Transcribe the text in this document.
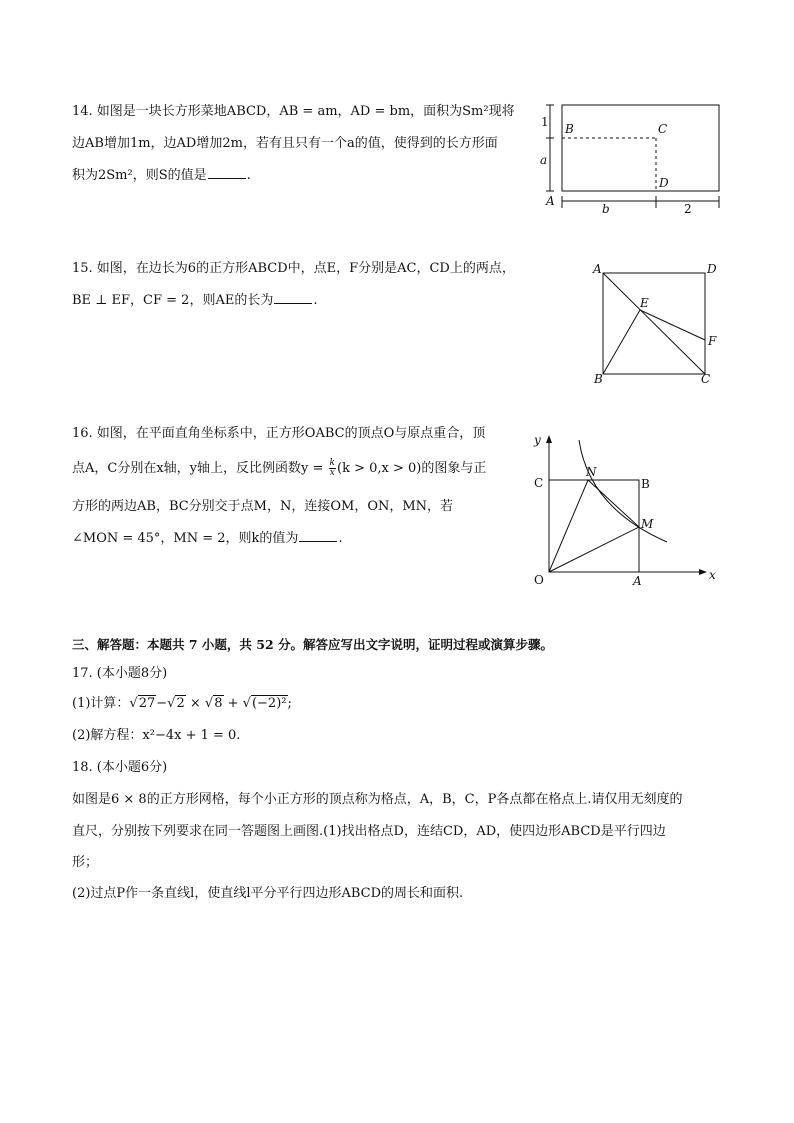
14. 如图是一块长方形菜地ABCD，AB = am，AD = bm，面积为Sm²现将
边AB增加1m，边AD增加2m，若有且只有一个a的值，使得到的长方形面
积为2Sm²，则S的值是	.
1 B	C
a
D
A
b	2
15. 如图，在边长为6的正方形ABCD中，点E，F分别是AC，CD上的两点，
BE ⊥ EF，CF = 2，则AE的长为	.
A	D
E
F
B	C
16. 如图，在平面直角坐标系中，正方形OABC的顶点O与原点重合，顶
点A，C分别在x轴，y轴上，反比例函数$y = \frac{k}{x} (k > 0,x > 0)$的图象与正
方形的两边AB，BC分别交于点M，N，连接OM，ON，MN，若
∠MON = 45°，MN = 2，则k的值为	.
y
C
N
B
M
O	A	x
三、解答题：本题共 7 小题，共 52 分。解答应写出文字说明，证明过程或演算步骤。
17. (本小题8分)
(1)计算：√27−√2 × √8 + √(−2)²;
(2)解方程：x²−4x + 1 = 0.
18. (本小题6分)
如图是6 × 8的正方形网格，每个小正方形的顶点称为格点，A，B，C，P各点都在格点上.请仅用无刻度的
直尺，分别按下列要求在同一答题图上画图.(1)找出格点D，连结CD，AD，使四边形ABCD是平行四边
形；
(2)过点P作一条直线l，使直线l平分平行四边形ABCD的周长和面积.
